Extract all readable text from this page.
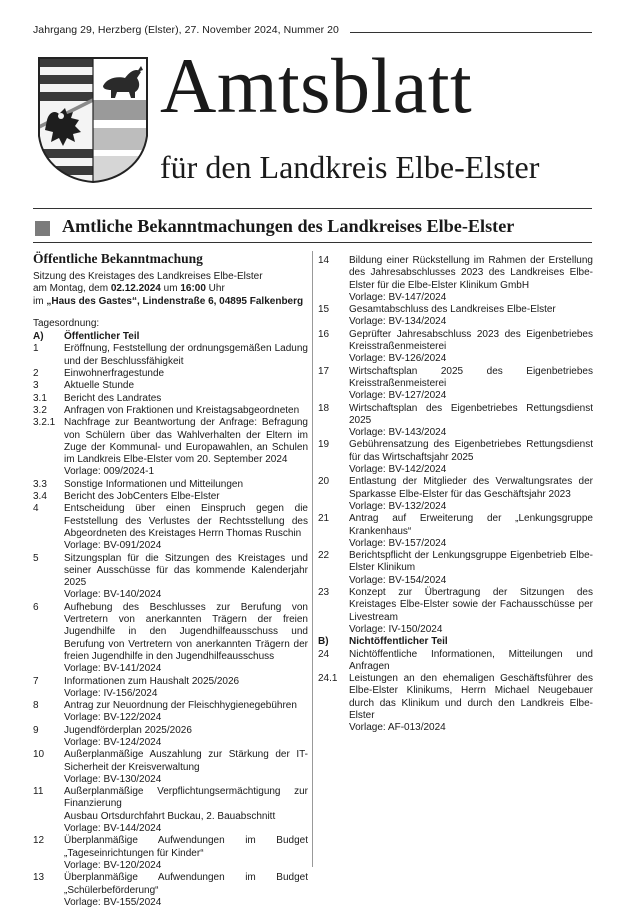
Jahrgang 29, Herzberg (Elster), 27. November 2024, Nummer 20
Amtsblatt
für den Landkreis Elbe-Elster
Amtliche Bekanntmachungen des Landkreises Elbe-Elster
Öffentliche Bekanntmachung
Sitzung des Kreistages des Landkreises Elbe-Elster
am Montag, dem 02.12.2024 um 16:00 Uhr
im „Haus des Gastes“, Lindenstraße 6, 04895 Falkenberg
Tagesordnung:
A)	Öffentlicher Teil
1	Eröffnung, Feststellung der ordnungsgemäßen Ladung und der Beschlussfähigkeit
2	Einwohnerfragestunde
3	Aktuelle Stunde
3.1	Bericht des Landrates
3.2	Anfragen von Fraktionen und Kreistagsabgeordneten
3.2.1 Nachfrage zur Beantwortung der Anfrage: Befragung von Schülern über das Wahlverhalten der Eltern im Zuge der Kommunal- und Europawahlen, an Schulen im Landkreis Elbe-Elster vom 20. September 2024
Vorlage: 009/2024-1
3.3	Sonstige Informationen und Mitteilungen
3.4	Bericht des JobCenters Elbe-Elster
4	Entscheidung über einen Einspruch gegen die Feststellung des Verlustes der Rechtsstellung des Abgeordneten des Kreistages Herrn Thomas Ruschin
Vorlage: BV-091/2024
5	Sitzungsplan für die Sitzungen des Kreistages und seiner Ausschüsse für das kommende Kalenderjahr 2025
Vorlage: BV-140/2024
6	Aufhebung des Beschlusses zur Berufung von Vertretern von anerkannten Trägern der freien Jugendhilfe in den Jugendhilfeausschuss und Berufung von Vertretern von anerkannten Trägern der freien Jugendhilfe in den Jugendhilfeausschuss
Vorlage: BV-141/2024
7	Informationen zum Haushalt 2025/2026
Vorlage: IV-156/2024
8	Antrag zur Neuordnung der Fleischhygienegebühren
Vorlage: BV-122/2024
9	Jugendförderplan 2025/2026
Vorlage: BV-124/2024
10	Außerplanmäßige Auszahlung zur Stärkung der IT-Sicherheit der Kreisverwaltung
Vorlage: BV-130/2024
11	Außerplanmäßige Verpflichtungsermächtigung zur Finanzierung
Ausbau Ortsdurchfahrt Buckau, 2. Bauabschnitt
Vorlage: BV-144/2024
12	Überplanmäßige Aufwendungen im Budget „Tageseinrichtungen für Kinder“
Vorlage: BV-120/2024
13	Überplanmäßige Aufwendungen im Budget „Schülerbeförderung“
Vorlage: BV-155/2024
14	Bildung einer Rückstellung im Rahmen der Erstellung des Jahresabschlusses 2023 des Landkreises Elbe-Elster für die Elbe-Elster Klinikum GmbH
Vorlage: BV-147/2024
15	Gesamtabschluss des Landkreises Elbe-Elster
Vorlage: BV-134/2024
16	Geprüfter Jahresabschluss 2023 des Eigenbetriebes Kreisstraßenmeisterei
Vorlage: BV-126/2024
17	Wirtschaftsplan 2025 des Eigenbetriebes Kreisstraßenmeisterei
Vorlage: BV-127/2024
18	Wirtschaftsplan des Eigenbetriebes Rettungsdienst 2025
Vorlage: BV-143/2024
19	Gebührensatzung des Eigenbetriebes Rettungsdienst für das Wirtschaftsjahr 2025
Vorlage: BV-142/2024
20	Entlastung der Mitglieder des Verwaltungsrates der Sparkasse Elbe-Elster für das Geschäftsjahr 2023
Vorlage: BV-132/2024
21	Antrag auf Erweiterung der „Lenkungsgruppe Krankenhaus“
Vorlage: BV-157/2024
22	Berichtspflicht der Lenkungsgruppe Eigenbetrieb Elbe-Elster Klinikum
Vorlage: BV-154/2024
23	Konzept zur Übertragung der Sitzungen des Kreistages Elbe-Elster sowie der Fachausschüsse per Livestream
Vorlage: IV-150/2024
B)	Nichtöffentlicher Teil
24	Nichtöffentliche Informationen, Mitteilungen und Anfragen
24.1	Leistungen an den ehemaligen Geschäftsführer des Elbe-Elster Klinikums, Herrn Michael Neugebauer durch das Klinikum und durch den Landkreis Elbe-Elster
Vorlage: AF-013/2024
